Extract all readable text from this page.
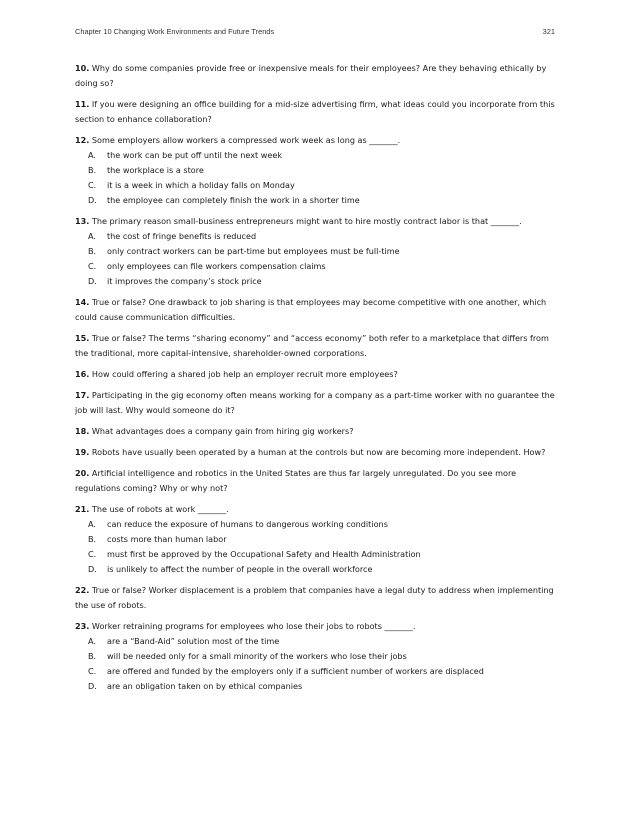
Chapter 10 Changing Work Environments and Future Trends	321
10. Why do some companies provide free or inexpensive meals for their employees? Are they behaving ethically by doing so?
11. If you were designing an office building for a mid-size advertising firm, what ideas could you incorporate from this section to enhance collaboration?
12. Some employers allow workers a compressed work week as long as _______.
A. the work can be put off until the next week
B. the workplace is a store
C. it is a week in which a holiday falls on Monday
D. the employee can completely finish the work in a shorter time
13. The primary reason small-business entrepreneurs might want to hire mostly contract labor is that _______.
A. the cost of fringe benefits is reduced
B. only contract workers can be part-time but employees must be full-time
C. only employees can file workers compensation claims
D. it improves the company’s stock price
14. True or false? One drawback to job sharing is that employees may become competitive with one another, which could cause communication difficulties.
15. True or false? The terms “sharing economy” and “access economy” both refer to a marketplace that differs from the traditional, more capital-intensive, shareholder-owned corporations.
16. How could offering a shared job help an employer recruit more employees?
17. Participating in the gig economy often means working for a company as a part-time worker with no guarantee the job will last. Why would someone do it?
18. What advantages does a company gain from hiring gig workers?
19. Robots have usually been operated by a human at the controls but now are becoming more independent. How?
20. Artificial intelligence and robotics in the United States are thus far largely unregulated. Do you see more regulations coming? Why or why not?
21. The use of robots at work _______.
A. can reduce the exposure of humans to dangerous working conditions
B. costs more than human labor
C. must first be approved by the Occupational Safety and Health Administration
D. is unlikely to affect the number of people in the overall workforce
22. True or false? Worker displacement is a problem that companies have a legal duty to address when implementing the use of robots.
23. Worker retraining programs for employees who lose their jobs to robots _______.
A. are a “Band-Aid” solution most of the time
B. will be needed only for a small minority of the workers who lose their jobs
C. are offered and funded by the employers only if a sufficient number of workers are displaced
D. are an obligation taken on by ethical companies
